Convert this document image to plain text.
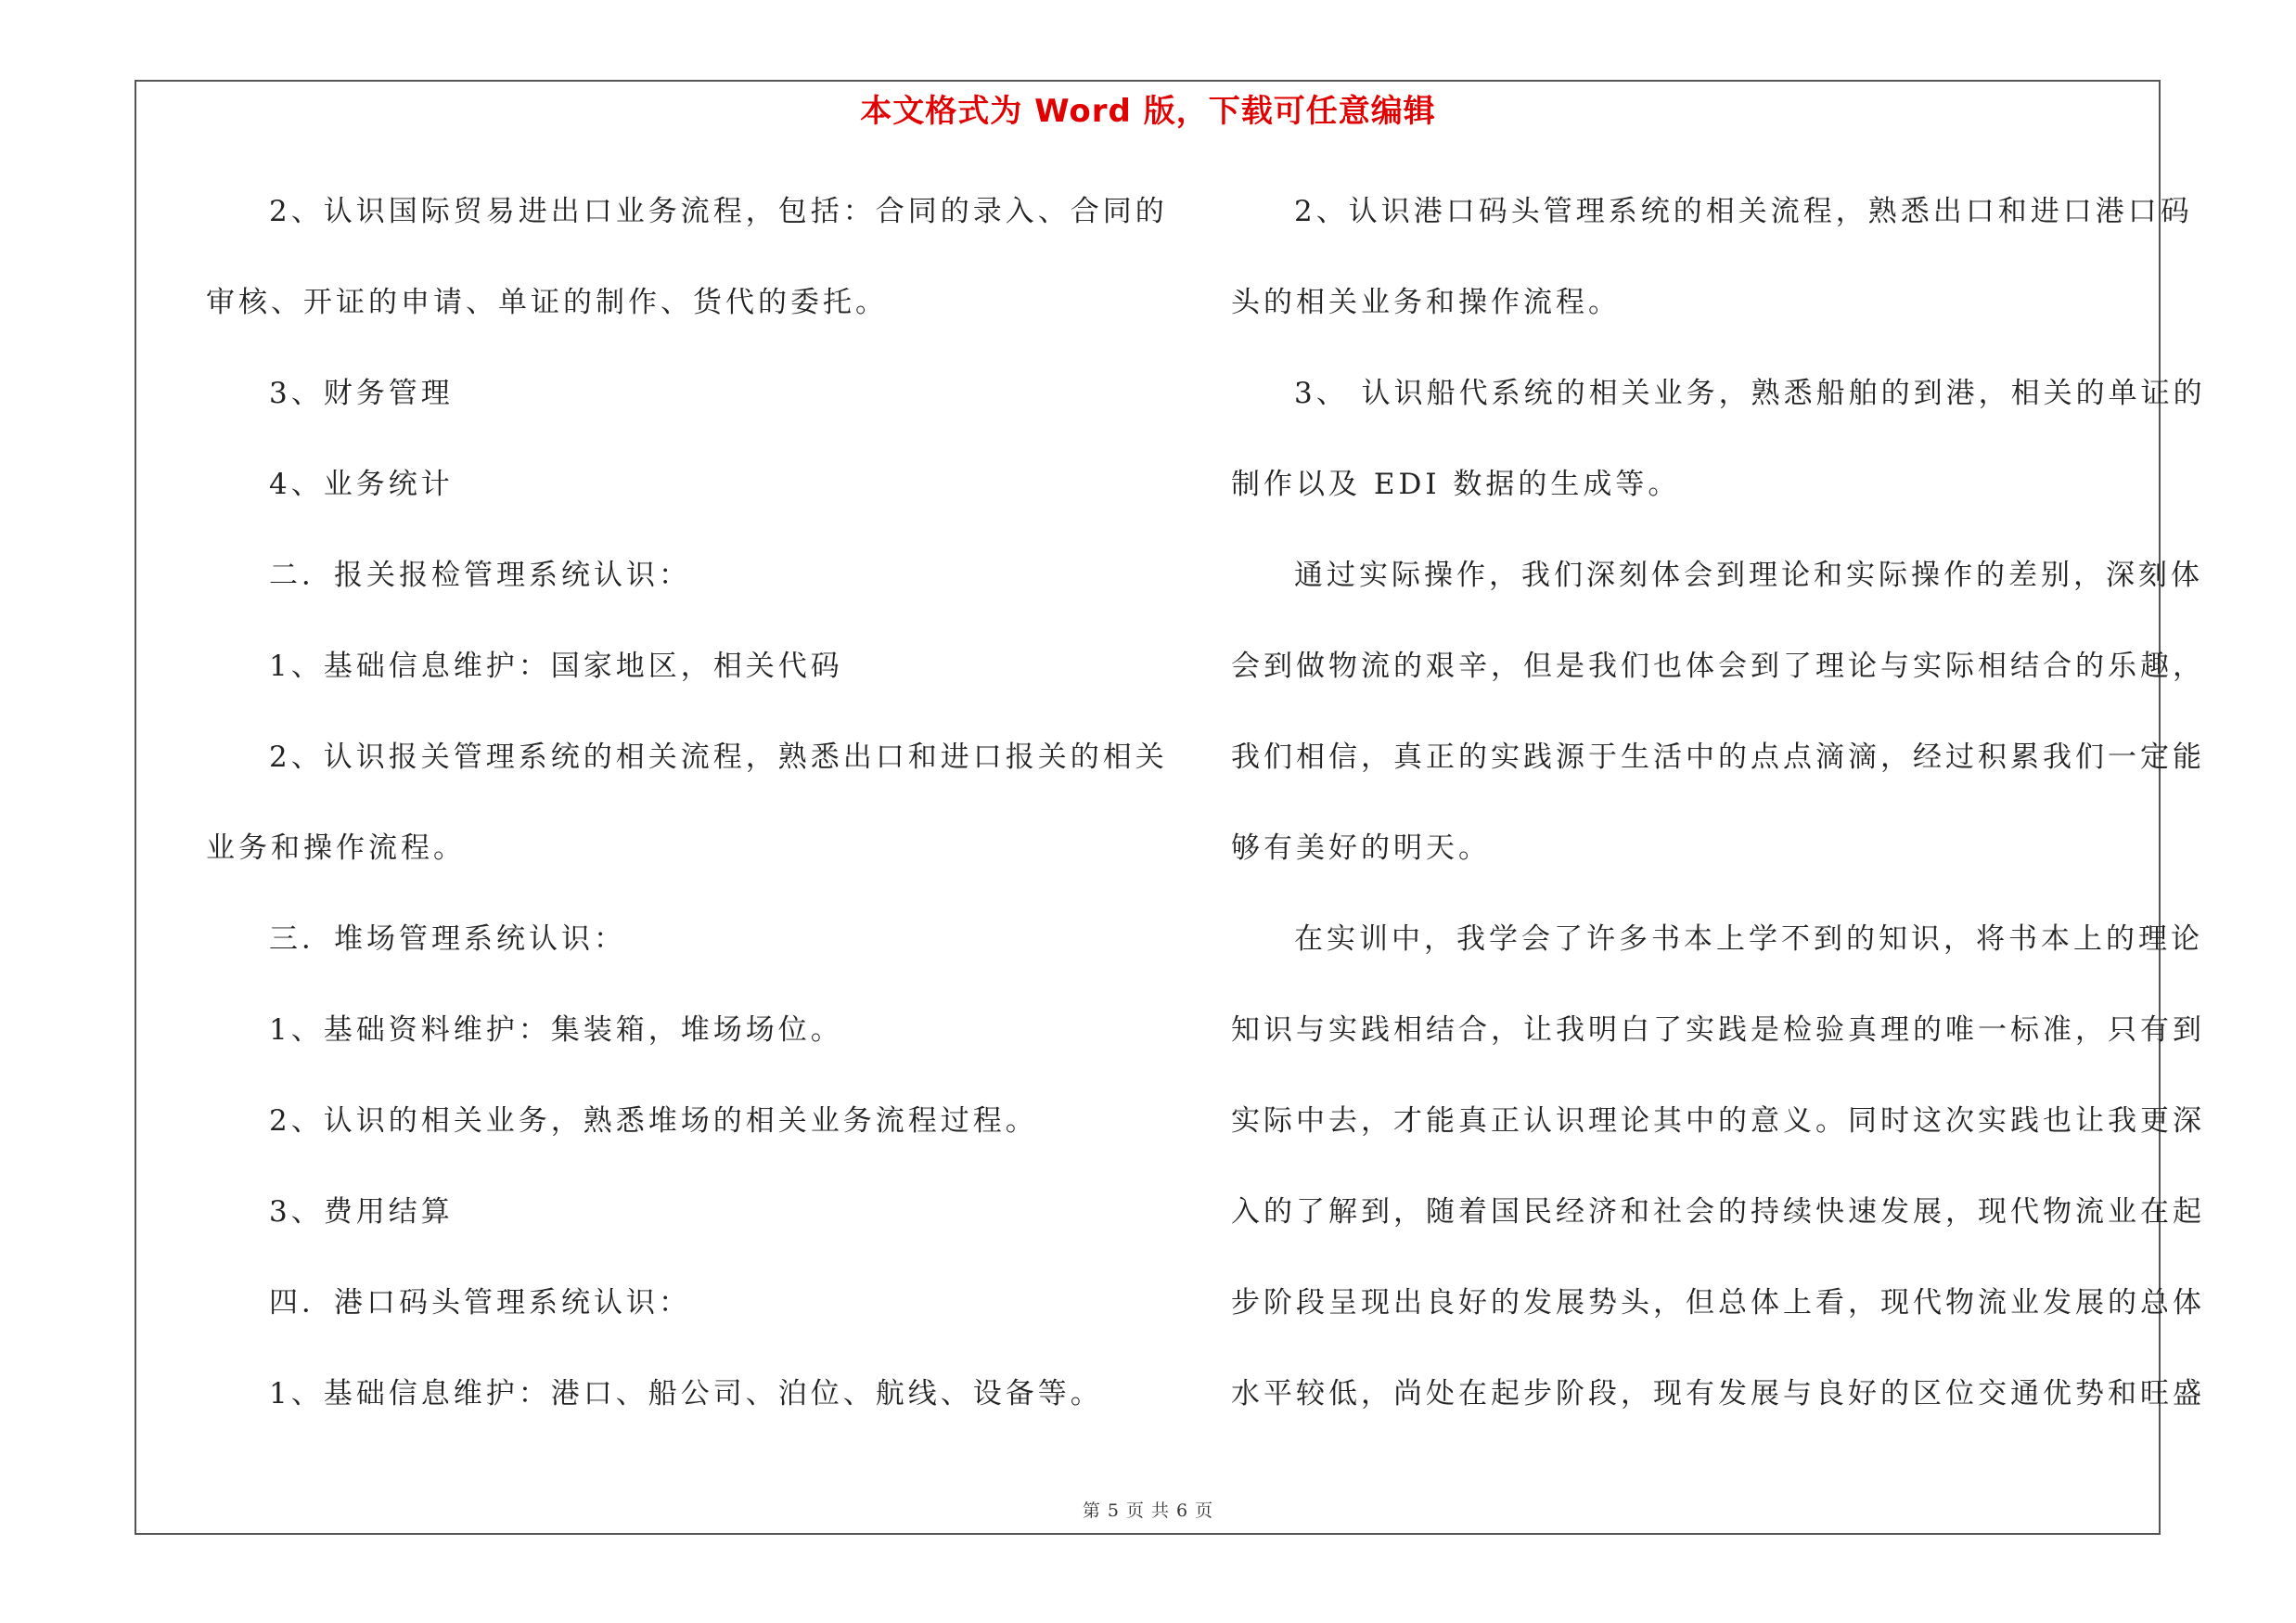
本文格式为 Word 版，下载可任意编辑
2、认识国际贸易进出口业务流程，包括：合同的录入、合同的
审核、开证的申请、单证的制作、货代的委托。
3、财务管理
4、业务统计
二．报关报检管理系统认识：
1、基础信息维护：国家地区，相关代码
2、认识报关管理系统的相关流程，熟悉出口和进口报关的相关
业务和操作流程。
三．堆场管理系统认识：
1、基础资料维护：集装箱，堆场场位。
2、认识的相关业务，熟悉堆场的相关业务流程过程。
3、费用结算
四．港口码头管理系统认识：
1、基础信息维护：港口、船公司、泊位、航线、设备等。
2、认识港口码头管理系统的相关流程，熟悉出口和进口港口码
头的相关业务和操作流程。
3、 认识船代系统的相关业务，熟悉船舶的到港，相关的单证的
制作以及 EDI 数据的生成等。
通过实际操作，我们深刻体会到理论和实际操作的差别，深刻体
会到做物流的艰辛，但是我们也体会到了理论与实际相结合的乐趣，
我们相信，真正的实践源于生活中的点点滴滴，经过积累我们一定能
够有美好的明天。
在实训中，我学会了许多书本上学不到的知识，将书本上的理论
知识与实践相结合，让我明白了实践是检验真理的唯一标准，只有到
实际中去，才能真正认识理论其中的意义。同时这次实践也让我更深
入的了解到，随着国民经济和社会的持续快速发展，现代物流业在起
步阶段呈现出良好的发展势头，但总体上看，现代物流业发展的总体
水平较低，尚处在起步阶段，现有发展与良好的区位交通优势和旺盛
第 5 页 共 6 页
